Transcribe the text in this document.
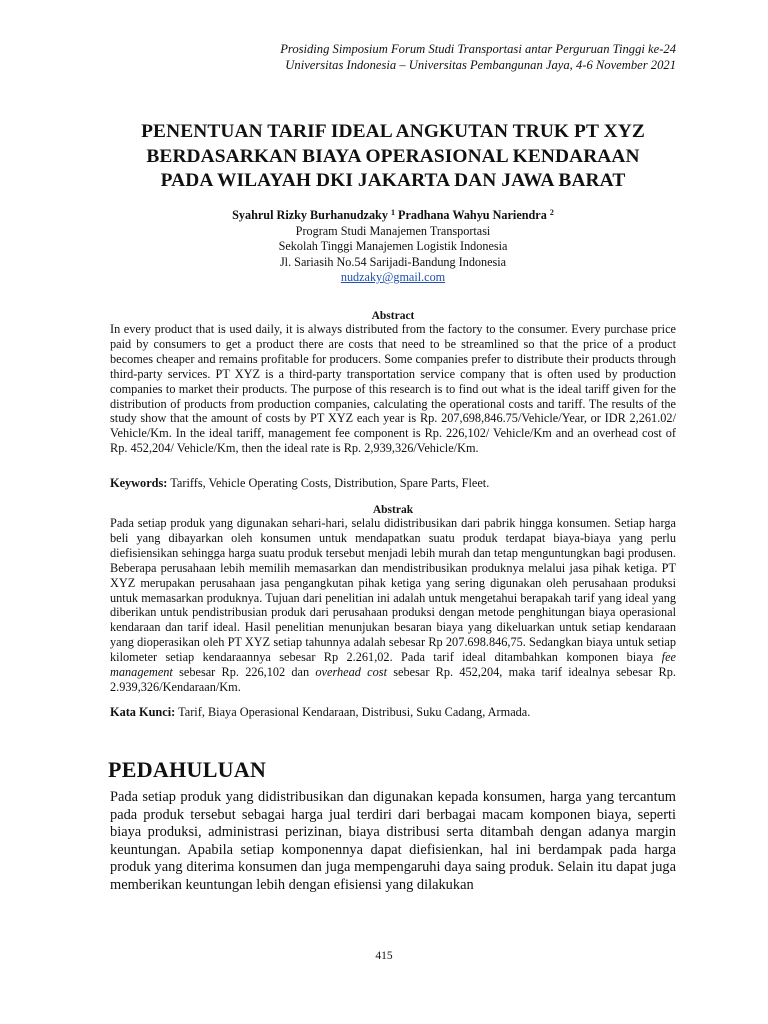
Prosiding Simposium Forum Studi Transportasi antar Perguruan Tinggi ke-24
Universitas Indonesia – Universitas Pembangunan Jaya, 4-6 November 2021
PENENTUAN TARIF IDEAL ANGKUTAN TRUK PT XYZ
BERDASARKAN BIAYA OPERASIONAL KENDARAAN
PADA WILAYAH DKI JAKARTA DAN JAWA BARAT
Syahrul Rizky Burhanudzaky $^1$ Pradhana Wahyu Nariendra $^2$
Program Studi Manajemen Transportasi
Sekolah Tinggi Manajemen Logistik Indonesia
Jl. Sariasih No.54 Sarijadi-Bandung Indonesia
nudzaky@gmail.com
Abstract
In every product that is used daily, it is always distributed from the factory to the consumer. Every purchase price paid by consumers to get a product there are costs that need to be streamlined so that the price of a product becomes cheaper and remains profitable for producers. Some companies prefer to distribute their products through third-party services. PT XYZ is a third-party transportation service company that is often used by production companies to market their products. The purpose of this research is to find out what is the ideal tariff given for the distribution of products from production companies, calculating the operational costs and tariff. The results of the study show that the amount of costs by PT XYZ each year is Rp. 207,698,846.75/Vehicle/Year, or IDR 2,261.02/ Vehicle/Km. In the ideal tariff, management fee component is Rp. 226,102/ Vehicle/Km and an overhead cost of Rp. 452,204/ Vehicle/Km, then the ideal rate is Rp. 2,939,326/Vehicle/Km.
Keywords: Tariffs, Vehicle Operating Costs, Distribution, Spare Parts, Fleet.
Abstrak
Pada setiap produk yang digunakan sehari-hari, selalu didistribusikan dari pabrik hingga konsumen. Setiap harga beli yang dibayarkan oleh konsumen untuk mendapatkan suatu produk terdapat biaya-biaya yang perlu diefisiensikan sehingga harga suatu produk tersebut menjadi lebih murah dan tetap menguntungkan bagi produsen. Beberapa perusahaan lebih memilih memasarkan dan mendistribusikan produknya melalui jasa pihak ketiga. PT XYZ merupakan perusahaan jasa pengangkutan pihak ketiga yang sering digunakan oleh perusahaan produksi untuk memasarkan produknya. Tujuan dari penelitian ini adalah untuk mengetahui berapakah tarif yang ideal yang diberikan untuk pendistribusian produk dari perusahaan produksi dengan metode penghitungan biaya operasional kendaraan dan tarif ideal. Hasil penelitian menunjukan besaran biaya yang dikeluarkan untuk setiap kendaraan yang dioperasikan oleh PT XYZ setiap tahunnya adalah sebesar Rp 207.698.846,75. Sedangkan biaya untuk setiap kilometer setiap kendaraannya sebesar Rp 2.261,02. Pada tarif ideal ditambahkan komponen biaya fee management sebesar Rp. 226,102 dan overhead cost sebesar Rp. 452,204, maka tarif idealnya sebesar Rp. 2.939,326/Kendaraan/Km.
Kata Kunci: Tarif, Biaya Operasional Kendaraan, Distribusi, Suku Cadang, Armada.
PEDAHULUAN
Pada setiap produk yang didistribusikan dan digunakan kepada konsumen, harga yang tercantum pada produk tersebut sebagai harga jual terdiri dari berbagai macam komponen biaya, seperti biaya produksi, administrasi perizinan, biaya distribusi serta ditambah dengan adanya margin keuntungan. Apabila setiap komponennya dapat diefisienkan, hal ini berdampak pada harga produk yang diterima konsumen dan juga mempengaruhi daya saing produk. Selain itu dapat juga memberikan keuntungan lebih dengan efisiensi yang dilakukan
415
